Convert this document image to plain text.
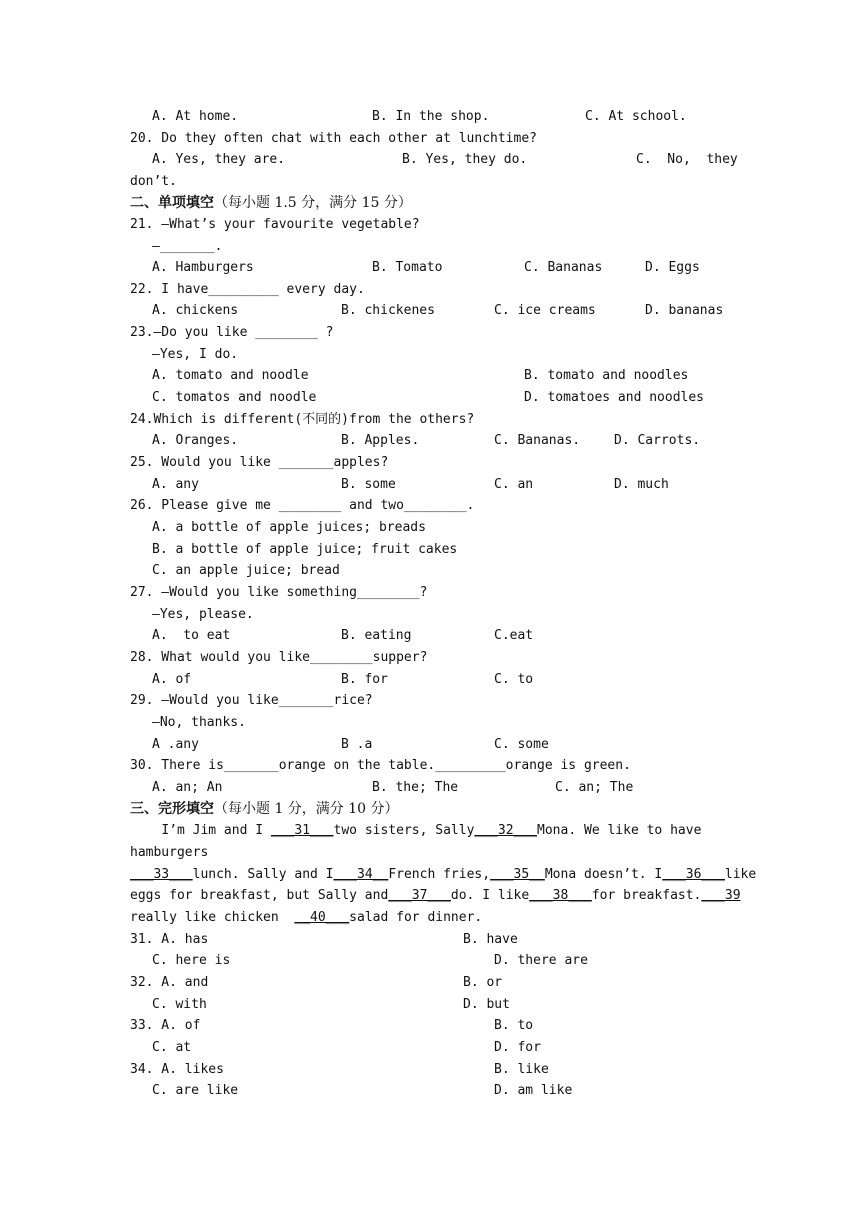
A. At home.	B. In the shop.	C. At school.
20. Do they often chat with each other at lunchtime?
A. Yes, they are.	B. Yes, they do.	C.  No,  they
don’t.
二、单项填空（每小题 1.5 分，满分 15 分）
21. —What’s your favourite vegetable?
—_______.
A. Hamburgers	B. Tomato	C. Bananas	D. Eggs
22. I have_________ every day.
A. chickens	B. chickenes	C. ice creams	D. bananas
23.—Do you like ________ ?
—Yes, I do.
A. tomato and noodle	B. tomato and noodles
C. tomatos and noodle	D. tomatoes and noodles
24.Which is different(不同的)from the others?
A. Oranges.	B. Apples.	C. Bananas.	D. Carrots.
25. Would you like _______apples?
A. any	B. some	C. an	D. much
26. Please give me ________ and two________.
A. a bottle of apple juices; breads
B. a bottle of apple juice; fruit cakes
C. an apple juice; bread
27. —Would you like something________?
—Yes, please.
A.  to eat	B. eating	C.eat
28. What would you like________supper?
A. of	B. for	C. to
29. —Would you like_______rice?
—No, thanks.
A .any	B .a	C. some
30. There is_______orange on the table._________orange is green.
A. an; An	B. the; The	C. an; The
三、完形填空（每小题 1 分，满分 10 分）
I’m Jim and I ___31___two sisters, Sally___32___Mona. We like to have
hamburgers
___33___lunch. Sally and I___34__French fries,___35__Mona doesn’t. I___36___like
eggs for breakfast, but Sally and___37___do. I like___38___for breakfast.___39
really like chicken  __40___salad for dinner.
31. A. has	B. have
C. here is	D. there are
32. A. and	B. or
C. with	D. but
33. A. of	B. to
C. at	D. for
34. A. likes	B. like
C. are like	D. am like
